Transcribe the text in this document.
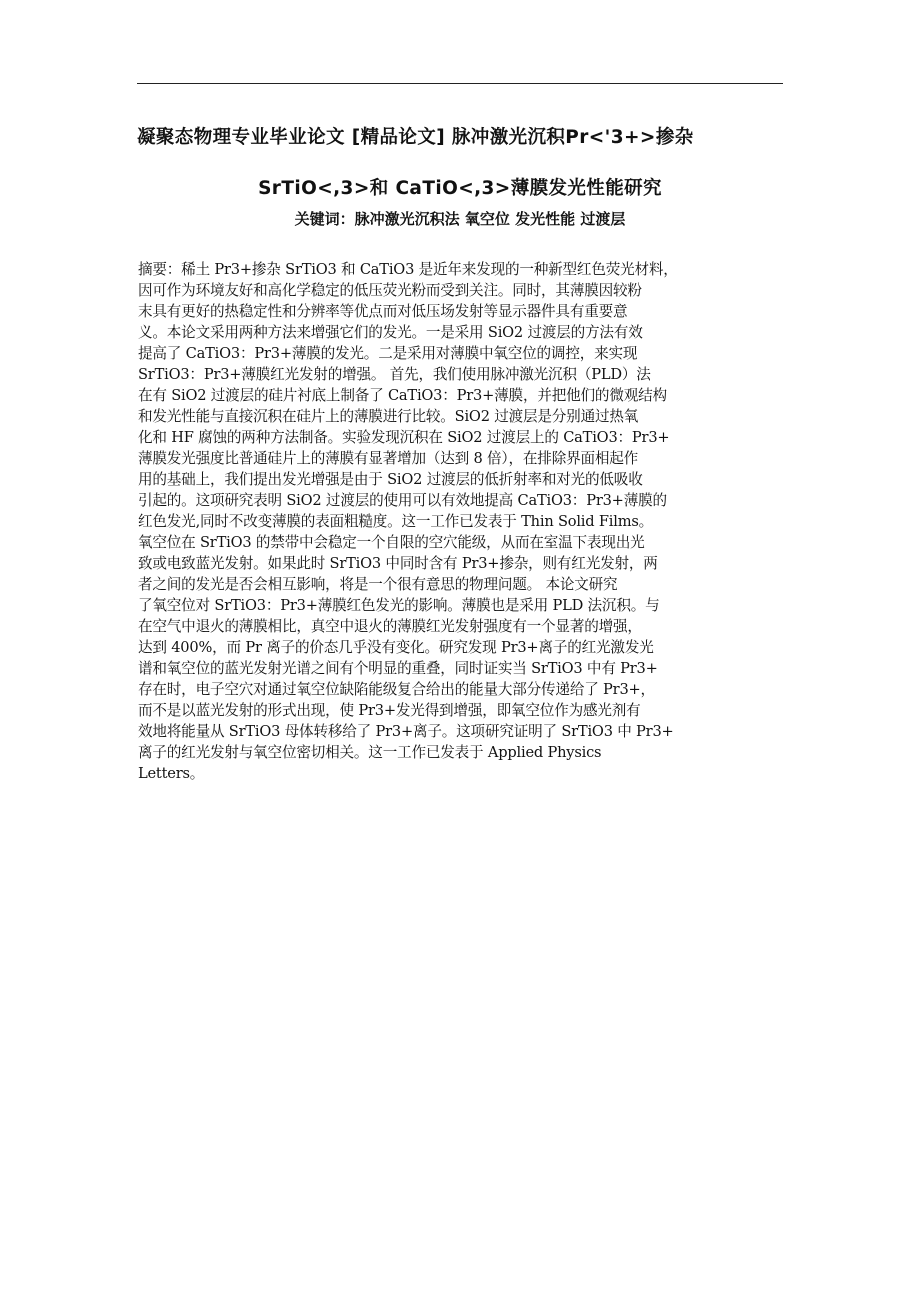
凝聚态物理专业毕业论文 [精品论文] 脉冲激光沉积Pr<'3+>掺杂
SrTiO<,3>和 CaTiO<,3>薄膜发光性能研究
关键词：脉冲激光沉积法 氧空位 发光性能 过渡层
摘要：稀土 Pr3+掺杂 SrTiO3 和 CaTiO3 是近年来发现的一种新型红色荧光材料，
因可作为环境友好和高化学稳定的低压荧光粉而受到关注。同时，其薄膜因较粉
末具有更好的热稳定性和分辨率等优点而对低压场发射等显示器件具有重要意
义。本论文采用两种方法来增强它们的发光。一是采用 SiO2 过渡层的方法有效
提高了 CaTiO3：Pr3+薄膜的发光。二是采用对薄膜中氧空位的调控，来实现
SrTiO3：Pr3+薄膜红光发射的增强。 首先，我们使用脉冲激光沉积（PLD）法
在有 SiO2 过渡层的硅片衬底上制备了 CaTiO3：Pr3+薄膜，并把他们的微观结构
和发光性能与直接沉积在硅片上的薄膜进行比较。SiO2 过渡层是分别通过热氧
化和 HF 腐蚀的两种方法制备。实验发现沉积在 SiO2 过渡层上的 CaTiO3：Pr3+
薄膜发光强度比普通硅片上的薄膜有显著增加（达到 8 倍），在排除界面相起作
用的基础上，我们提出发光增强是由于 SiO2 过渡层的低折射率和对光的低吸收
引起的。这项研究表明 SiO2 过渡层的使用可以有效地提高 CaTiO3：Pr3+薄膜的
红色发光,同时不改变薄膜的表面粗糙度。这一工作已发表于 Thin Solid Films。
氧空位在 SrTiO3 的禁带中会稳定一个自限的空穴能级，从而在室温下表现出光
致或电致蓝光发射。如果此时 SrTiO3 中同时含有 Pr3+掺杂，则有红光发射，两
者之间的发光是否会相互影响，将是一个很有意思的物理问题。 本论文研究
了氧空位对 SrTiO3：Pr3+薄膜红色发光的影响。薄膜也是采用 PLD 法沉积。与
在空气中退火的薄膜相比，真空中退火的薄膜红光发射强度有一个显著的增强，
达到 400%，而 Pr 离子的价态几乎没有变化。研究发现 Pr3+离子的红光激发光
谱和氧空位的蓝光发射光谱之间有个明显的重叠，同时证实当 SrTiO3 中有 Pr3+
存在时，电子空穴对通过氧空位缺陷能级复合给出的能量大部分传递给了 Pr3+，
而不是以蓝光发射的形式出现，使 Pr3+发光得到增强，即氧空位作为感光剂有
效地将能量从 SrTiO3 母体转移给了 Pr3+离子。这项研究证明了 SrTiO3 中 Pr3+
离子的红光发射与氧空位密切相关。这一工作已发表于 Applied Physics
Letters。
